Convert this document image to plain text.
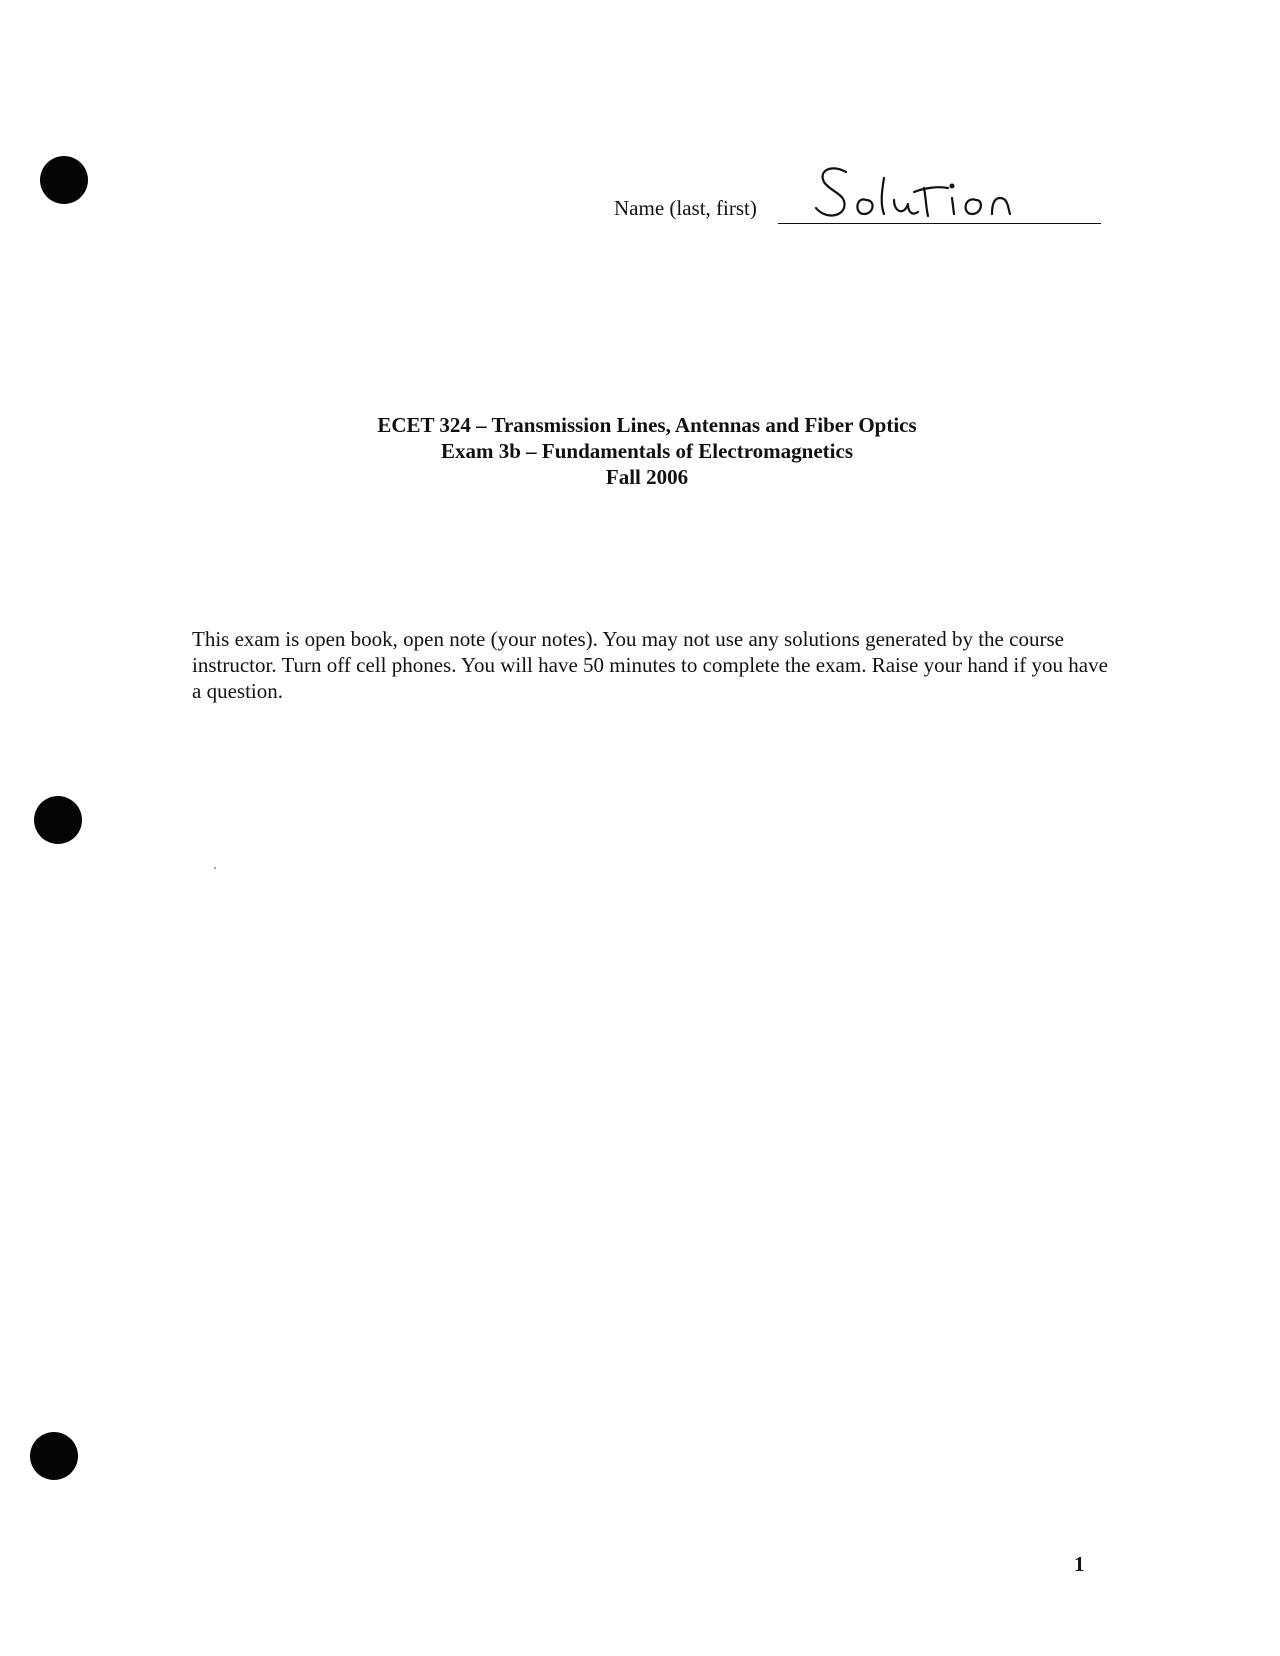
Name (last, first)
ECET 324 – Transmission Lines, Antennas and Fiber Optics
Exam 3b – Fundamentals of Electromagnetics
Fall 2006
This exam is open book, open note (your notes). You may not use any solutions generated by the course instructor. Turn off cell phones. You will have 50 minutes to complete the exam. Raise your hand if you have a question.
1
